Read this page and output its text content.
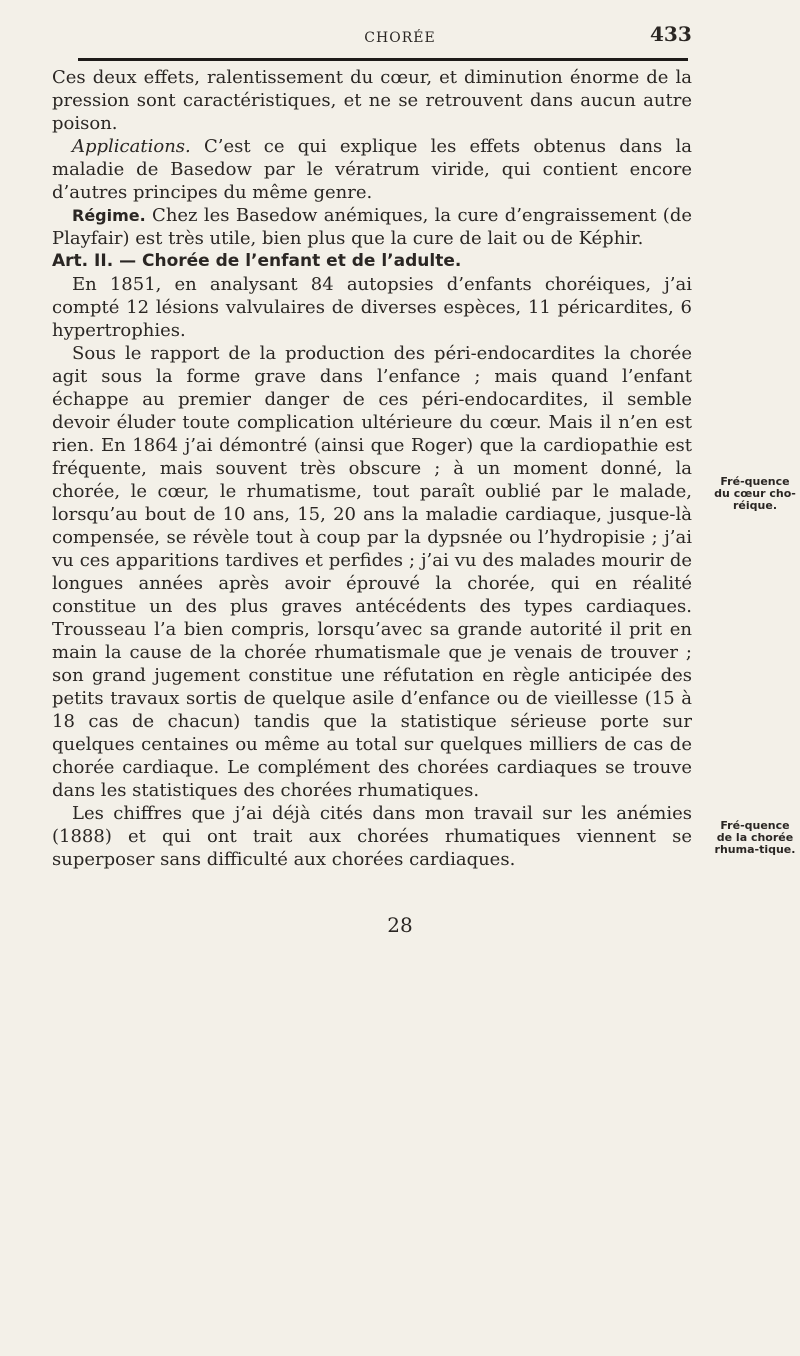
CHORÉE	433

Ces deux effets, ralentissement du cœur, et diminution énorme de la pression sont caractéristiques, et ne se retrouvent dans aucun autre poison.

Applications. C’est ce qui explique les effets obtenus dans la maladie de Basedow par le vératrum viride, qui contient encore d’autres principes du même genre.

Régime. Chez les Basedow anémiques, la cure d’engraissement (de Playfair) est très utile, bien plus que la cure de lait ou de Képhir.

Art. II. — Chorée de l’enfant et de l’adulte.

En 1851, en analysant 84 autopsies d’enfants choréiques, j’ai compté 12 lésions valvulaires de diverses espèces, 11 péricardites, 6 hypertrophies.

Sous le rapport de la production des péri-endocardites la chorée agit sous la forme grave dans l’enfance ; mais quand l’enfant échappe au premier danger de ces péri-endocardites, il semble devoir éluder toute complication ultérieure du cœur. Mais il n’en est rien. En 1864 j’ai démontré (ainsi que Roger) que la cardiopathie est fréquente, mais souvent très obscure ; à un moment donné, la chorée, le cœur, le rhumatisme, tout paraît oublié par le malade, lorsqu’au bout de 10 ans, 15, 20 ans la maladie cardiaque, jusque-là compensée, se révèle tout à coup par la dypsnée ou l’hydropisie ; j’ai vu ces apparitions tardives et perfides ; j’ai vu des malades mourir de longues années après avoir éprouvé la chorée, qui en réalité constitue un des plus graves antécédents des types cardiaques. Trousseau l’a bien compris, lorsqu’avec sa grande autorité il prit en main la cause de la chorée rhumatismale que je venais de trouver ; son grand jugement constitue une réfutation en règle anticipée des petits travaux sortis de quelque asile d’enfance ou de vieillesse (15 à 18 cas de chacun) tandis que la statistique sérieuse porte sur quelques centaines ou même au total sur quelques milliers de cas de chorée cardiaque. Le complément des chorées cardiaques se trouve dans les statistiques des chorées rhumatiques.

Les chiffres que j’ai déjà cités dans mon travail sur les anémies (1888) et qui ont trait aux chorées rhumatiques viennent se superposer sans difficulté aux chorées cardiaques.

Fré-quence du cœur cho-réique.
Fré-quence de la chorée rhuma-tique.
28
